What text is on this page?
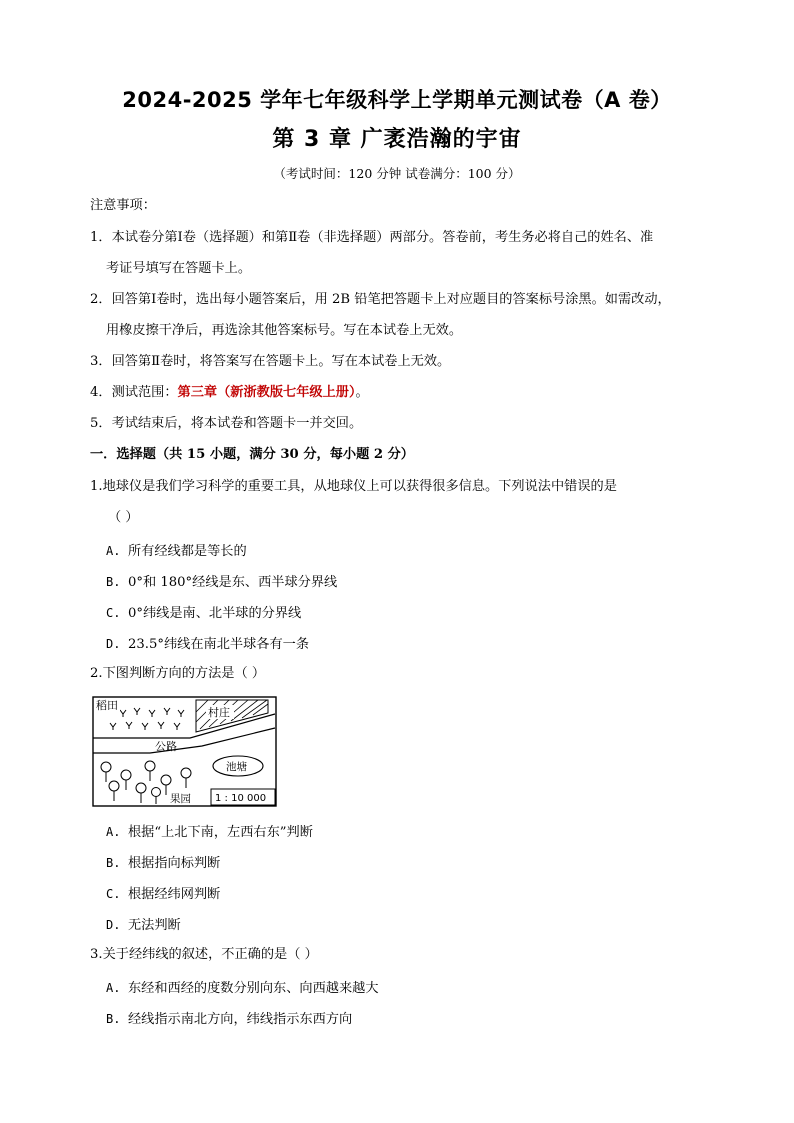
2024-2025 学年七年级科学上学期单元测试卷（A 卷）
第 3 章 广袤浩瀚的宇宙
（考试时间：120 分钟 试卷满分：100 分）
注意事项：
1．本试卷分第Ⅰ卷（选择题）和第Ⅱ卷（非选择题）两部分。答卷前，考生务必将自己的姓名、准
考证号填写在答题卡上。
2．回答第Ⅰ卷时，选出每小题答案后，用 2B 铅笔把答题卡上对应题目的答案标号涂黑。如需改动，
用橡皮擦干净后，再选涂其他答案标号。写在本试卷上无效。
3．回答第Ⅱ卷时，将答案写在答题卡上。写在本试卷上无效。
4．测试范围：第三章（新浙教版七年级上册）。
5．考试结束后，将本试卷和答题卡一并交回。
一．选择题（共 15 小题，满分 30 分，每小题 2 分）
1.地球仪是我们学习科学的重要工具，从地球仪上可以获得很多信息。下列说法中错误的是
（ ）
A. 所有经线都是等长的
B. 0°和 180°经线是东、西半球分界线
C. 0°纬线是南、北半球的分界线
D. 23.5°纬线在南北半球各有一条
2.下图判断方向的方法是（ ）
村庄
稻田
公路
池塘
果园 1 : 10 000
A. 根据“上北下南，左西右东”判断
B. 根据指向标判断
C. 根据经纬网判断
D. 无法判断
3.关于经纬线的叙述，不正确的是（ ）
A. 东经和西经的度数分别向东、向西越来越大
B. 经线指示南北方向，纬线指示东西方向
